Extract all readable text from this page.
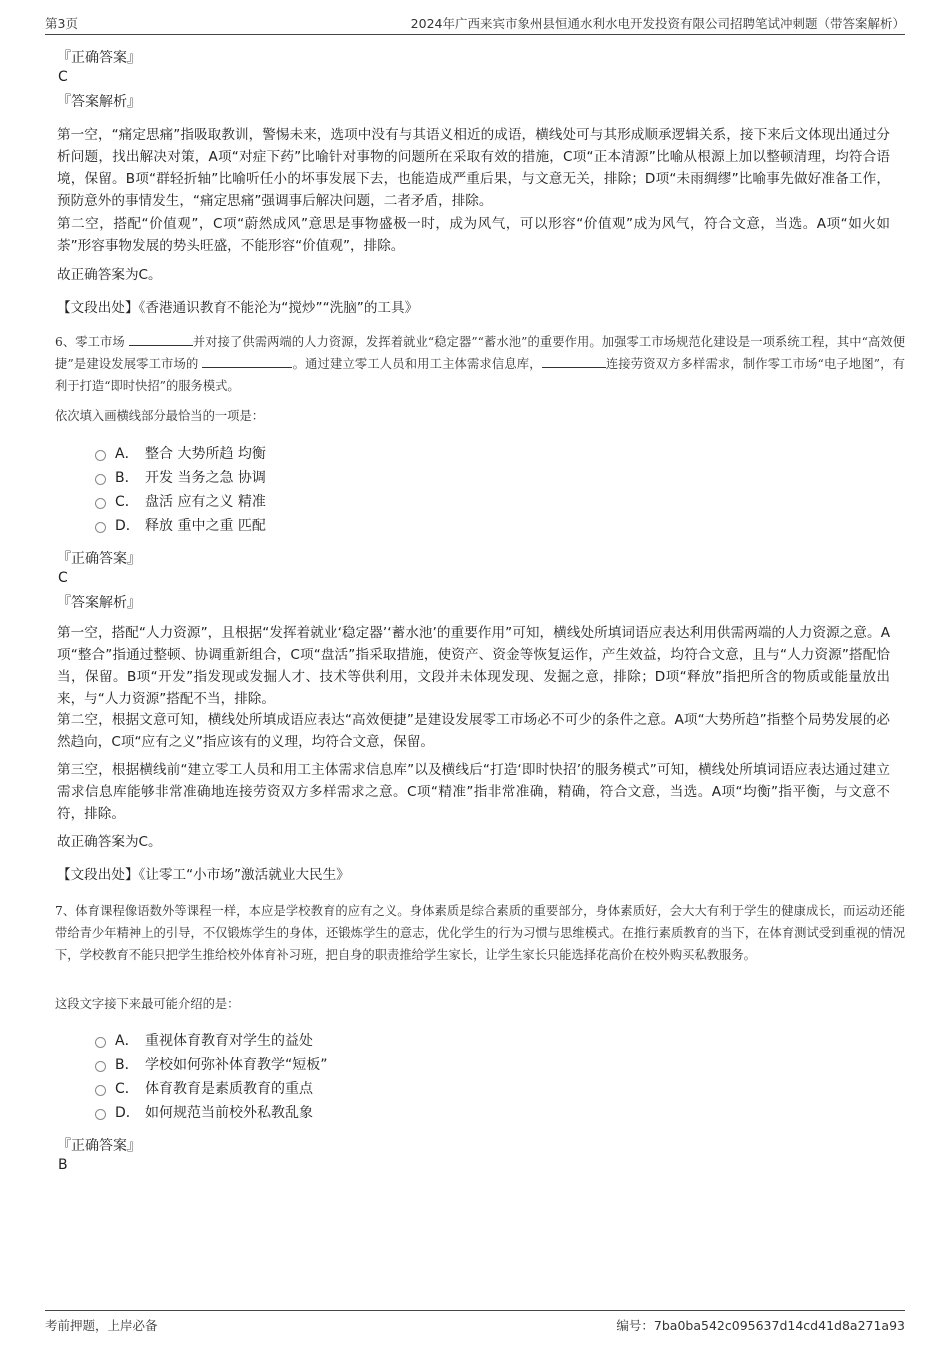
第3页	2024年广西来宾市象州县恒通水利水电开发投资有限公司招聘笔试冲刺题（带答案解析）
『正确答案』
C
『答案解析』

第一空，“痛定思痛”指吸取教训，警惕未来，选项中没有与其语义相近的成语，横线处可与其形成顺承逻辑关系，接下来后文体现出通过分析问题，找出解决对策，A项“对症下药”比喻针对事物的问题所在采取有效的措施，C项“正本清源”比喻从根源上加以整顿清理，均符合语境，保留。B项“群轻折轴”比喻听任小的坏事发展下去，也能造成严重后果，与文意无关，排除；D项“未雨绸缪”比喻事先做好准备工作，预防意外的事情发生，“痛定思痛”强调事后解决问题，二者矛盾，排除。

第二空，搭配“价值观”，C项“蔚然成风”意思是事物盛极一时，成为风气，可以形容“价值观”成为风气，符合文意，当选。A项“如火如荼”形容事物发展的势头旺盛，不能形容“价值观”，排除。

故正确答案为C。

【文段出处】《香港通识教育不能沦为“搅炒”“洗脑”的工具》

6、零工市场	并对接了供需两端的人力资源，发挥着就业“稳定器”“蓄水池”的重要作用。加强零工市场规范化建设是一项系统工程，其中“高效便捷”是建设发展零工市场的	。通过建立零工人员和用工主体需求信息库，	连接劳资双方多样需求，制作零工市场“电子地图”，有利于打造“即时快招”的服务模式。
依次填入画横线部分最恰当的一项是：
A． 整合 大势所趋 均衡
B． 开发 当务之急 协调
C． 盘活 应有之义 精准
D． 释放 重中之重 匹配
『正确答案』
C
『答案解析』

第一空，搭配“人力资源”，且根据“发挥着就业‘稳定器’‘蓄水池’的重要作用”可知，横线处所填词语应表达利用供需两端的人力资源之意。A项“整合”指通过整顿、协调重新组合，C项“盘活”指采取措施，使资产、资金等恢复运作，产生效益，均符合文意，且与“人力资源”搭配恰当，保留。B项“开发”指发现或发掘人才、技术等供利用，文段并未体现发现、发掘之意，排除；D项“释放”指把所含的物质或能量放出来，与“人力资源”搭配不当，排除。

第二空，根据文意可知，横线处所填成语应表达“高效便捷”是建设发展零工市场必不可少的条件之意。A项“大势所趋”指整个局势发展的必然趋向，C项“应有之义”指应该有的义理，均符合文意，保留。

第三空，根据横线前“建立零工人员和用工主体需求信息库”以及横线后“打造‘即时快招’的服务模式”可知，横线处所填词语应表达通过建立需求信息库能够非常准确地连接劳资双方多样需求之意。C项“精准”指非常准确，精确，符合文意，当选。A项“均衡”指平衡，与文意不符，排除。

故正确答案为C。

【文段出处】《让零工“小市场”激活就业大民生》

7、体育课程像语数外等课程一样，本应是学校教育的应有之义。身体素质是综合素质的重要部分，身体素质好，会大大有利于学生的健康成长，而运动还能带给青少年精神上的引导，不仅锻炼学生的身体，还锻炼学生的意志，优化学生的行为习惯与思维模式。在推行素质教育的当下，在体育测试受到重视的情况下，学校教育不能只把学生推给校外体育补习班，把自身的职责推给学生家长，让学生家长只能选择花高价在校外购买私教服务。
这段文字接下来最可能介绍的是：
A． 重视体育教育对学生的益处
B． 学校如何弥补体育教学“短板”
C． 体育教育是素质教育的重点
D． 如何规范当前校外私教乱象
『正确答案』
B
考前押题，上岸必备	编号：7ba0ba542c095637d14cd41d8a271a93
